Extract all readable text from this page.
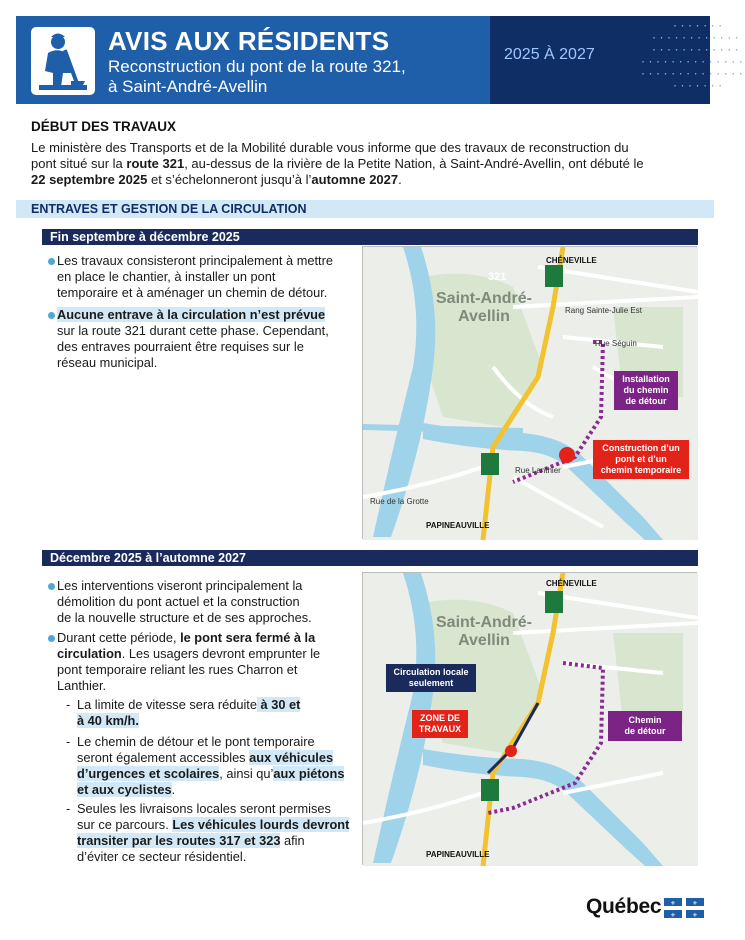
AVIS AUX RÉSIDENTS
Reconstruction du pont de la route 321,
à Saint-André-Avellin
2025 À 2027
·······
············
············
··············
··············
·······
DÉBUT DES TRAVAUX
Le ministère des Transports et de la Mobilité durable vous informe que des travaux de reconstruction du
pont situé sur la route 321, au-dessus de la rivière de la Petite Nation, à Saint-André-Avellin, ont débuté le
22 septembre 2025 et s’échelonneront jusqu’à l’automne 2027.
ENTRAVES ET GESTION DE LA CIRCULATION
Fin septembre à décembre 2025
Les travaux consisteront principalement à mettre
en place le chantier, à installer un pont
temporaire et à aménager un chemin de détour.
Aucune entrave à la circulation n’est prévue
sur la route 321 durant cette phase. Cependant,
des entraves pourraient être requises sur le
réseau municipal.
321
CHÉNEVILLE
PAPINEAUVILLE
Saint-André-
Avellin	Rang Sainte-Julie Est
Rue Séguin
Rue de la Grotte
Rue Lanthier
Installation
du chemin
de détour
Construction d’un
pont et d’un
chemin temporaire
Décembre 2025 à l’automne 2027
Les interventions viseront principalement la
démolition du pont actuel et la construction
de la nouvelle structure et de ses approches.
Durant cette période, le pont sera fermé à la
circulation. Les usagers devront emprunter le
pont temporaire reliant les rues Charron et
Lanthier.
- La limite de vitesse sera réduite à 30 et
à 40 km/h.
- Le chemin de détour et le pont temporaire
seront également accessibles aux véhicules
d’urgences et scolaires, ainsi qu’aux piétons
et aux cyclistes.
- Seules les livraisons locales seront permises
sur ce parcours. Les véhicules lourds devront
transiter par les routes 317 et 323 afin
d’éviter ce secteur résidentiel.
CHÉNEVILLE
PAPINEAUVILLE
Saint-André-
Avellin
Circulation locale
seulement
ZONE DE
TRAVAUX
Chemin
de détour
Québec ⚜	⚜
⚜	⚜
